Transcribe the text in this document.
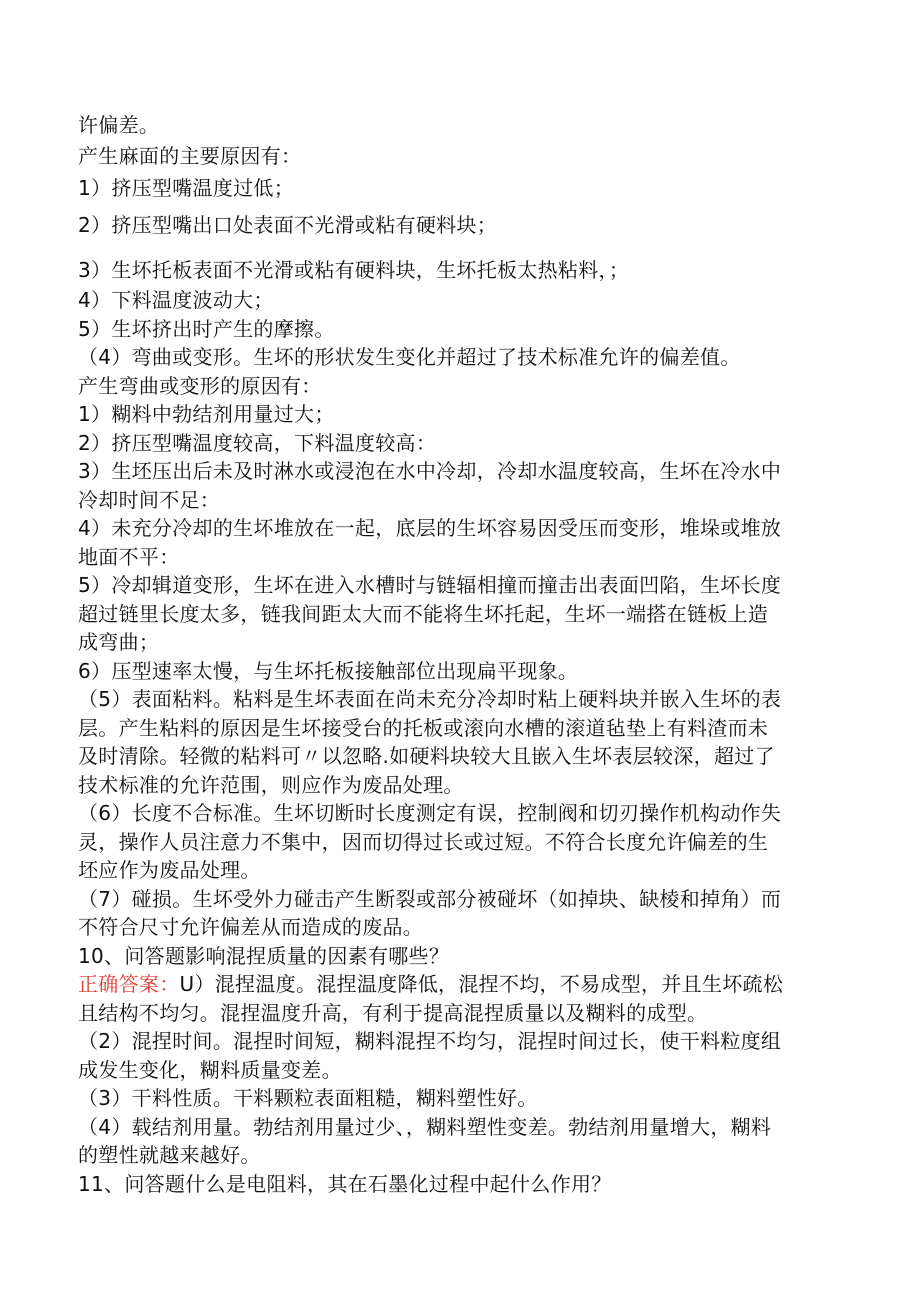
许偏差。
产生麻面的主要原因有：
1）挤压型嘴温度过低；
2）挤压型嘴出口处表面不光滑或粘有硬料块；
3）生坏托板表面不光滑或粘有硬料块，生坏托板太热粘料，；
4）下料温度波动大；
5）生坏挤出时产生的摩擦。
（4）弯曲或变形。生坏的形状发生变化并超过了技术标准允许的偏差值。
产生弯曲或变形的原因有：
1）糊料中勃结剂用量过大；
2）挤压型嘴温度较高，下料温度较高：
3）生坯压出后未及时淋水或浸泡在水中冷却，冷却水温度较高，生坏在冷水中
冷却时间不足：
4）未充分冷却的生坏堆放在一起，底层的生坏容易因受压而变形，堆垛或堆放
地面不平：
5）冷却辑道变形，生坏在进入水槽时与链辐相撞而撞击出表面凹陷，生坏长度
超过链里长度太多，链我间距太大而不能将生坏托起，生坏一端搭在链板上造
成弯曲；
6）压型速率太慢，与生坏托板接触部位出现扁平现象。
（5）表面粘料。粘料是生坏表面在尚未充分冷却时粘上硬料块并嵌入生坏的表
层。产生粘料的原因是生坏接受台的托板或滚向水槽的滚道毡垫上有料渣而未
及时清除。轻微的粘料可〃以忽略.如硬料块较大且嵌入生坏表层较深，超过了
技术标准的允许范围，则应作为废品处理。
（6）长度不合标准。生坏切断时长度测定有误，控制阀和切刃操作机构动作失
灵，操作人员注意力不集中，因而切得过长或过短。不符合长度允许偏差的生
坯应作为废品处理。
（7）碰损。生坏受外力碰击产生断裂或部分被碰坏（如掉块、缺棱和掉角）而
不符合尺寸允许偏差从而造成的废品。
10、问答题影响混捏质量的因素有哪些？
正确答案：U）混捏温度。混捏温度降低，混捏不均，不易成型，并且生坏疏松
且结构不均匀。混捏温度升高，有利于提高混捏质量以及糊料的成型。
（2）混捏时间。混捏时间短，糊料混捏不均匀，混捏时间过长，使干料粒度组
成发生变化，糊料质量变差。
（3）干料性质。干料颗粒表面粗糙，糊料塑性好。
（4）载结剂用量。勃结剂用量过少、，糊料塑性变差。勃结剂用量增大，糊料
的塑性就越来越好。
11、问答题什么是电阻料，其在石墨化过程中起什么作用？
